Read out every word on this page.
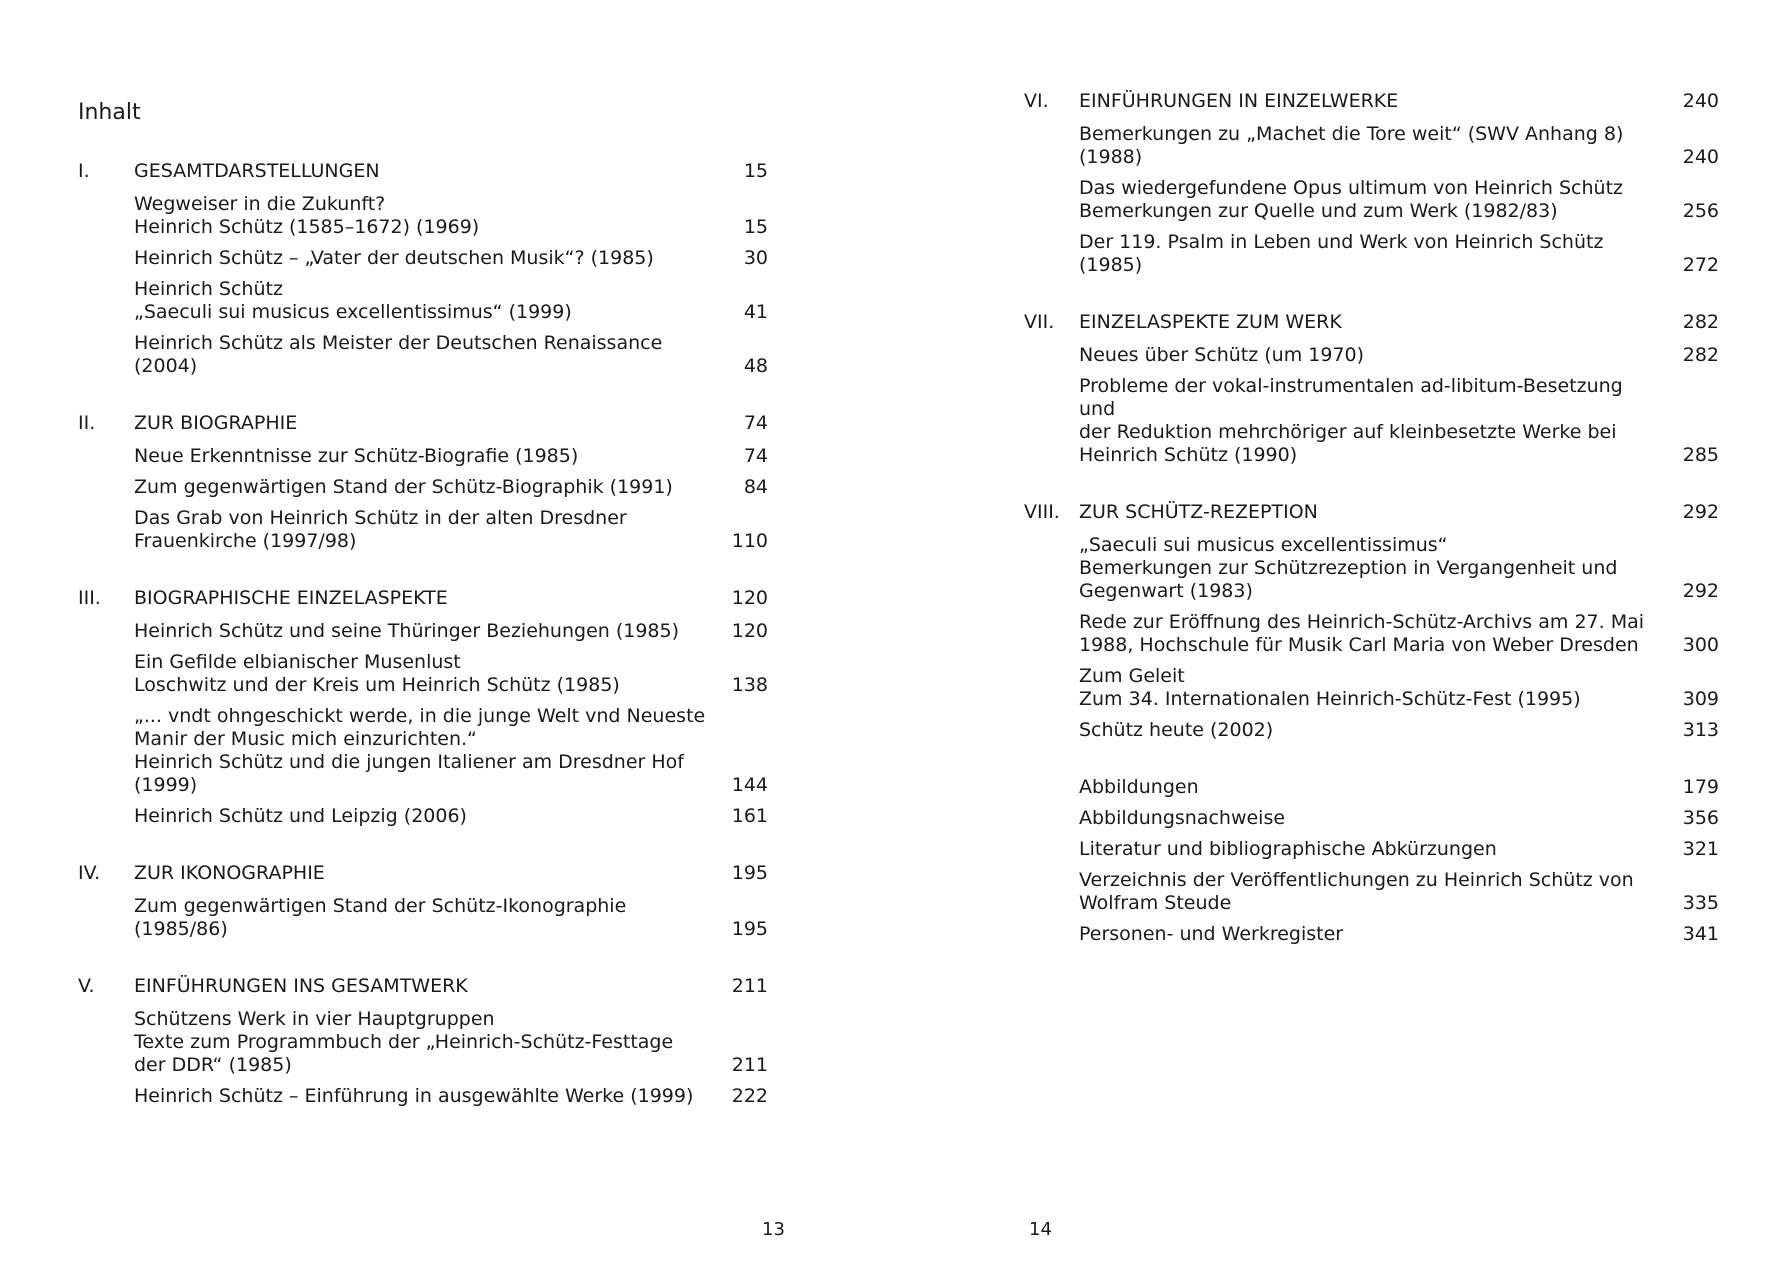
Inhalt
I.	GESAMTDARSTELLUNGEN	15
Wegweiser in die Zukunft?
Heinrich Schütz (1585–1672) (1969)	15
Heinrich Schütz – „Vater der deutschen Musik“? (1985)	30
Heinrich Schütz
„Saeculi sui musicus excellentissimus“ (1999)	41
Heinrich Schütz als Meister der Deutschen Renaissance
(2004)	48
II.	ZUR BIOGRAPHIE	74
Neue Erkenntnisse zur Schütz-Biografie (1985)	74
Zum gegenwärtigen Stand der Schütz-Biographik (1991)	84
Das Grab von Heinrich Schütz in der alten Dresdner
Frauenkirche (1997/98)	110
III.	BIOGRAPHISCHE EINZELASPEKTE	120
Heinrich Schütz und seine Thüringer Beziehungen (1985)	120
Ein Gefilde elbianischer Musenlust
Loschwitz und der Kreis um Heinrich Schütz (1985)	138
„... vndt ohngeschickt werde, in die junge Welt vnd Neueste
Manir der Music mich einzurichten.“
Heinrich Schütz und die jungen Italiener am Dresdner Hof
(1999)	144
Heinrich Schütz und Leipzig (2006)	161
IV.	ZUR IKONOGRAPHIE	195
Zum gegenwärtigen Stand der Schütz-Ikonographie (1985/86)	195
V.	EINFÜHRUNGEN INS GESAMTWERK	211
Schützens Werk in vier Hauptgruppen
Texte zum Programmbuch der „Heinrich-Schütz-Festtage
der DDR“ (1985)	211
Heinrich Schütz – Einführung in ausgewählte Werke (1999)	222
13
VI.	EINFÜHRUNGEN IN EINZELWERKE	240
Bemerkungen zu „Machet die Tore weit“ (SWV Anhang 8)
(1988)	240
Das wiedergefundene Opus ultimum von Heinrich Schütz
Bemerkungen zur Quelle und zum Werk (1982/83)	256
Der 119. Psalm in Leben und Werk von Heinrich Schütz (1985)	272
VII.	EINZELASPEKTE ZUM WERK	282
Neues über Schütz (um 1970)	282
Probleme der vokal-instrumentalen ad-libitum-Besetzung und
der Reduktion mehrchöriger auf kleinbesetzte Werke bei
Heinrich Schütz (1990)	285
VIII.	ZUR SCHÜTZ-REZEPTION	292
„Saeculi sui musicus excellentissimus“
Bemerkungen zur Schützrezeption in Vergangenheit und
Gegenwart (1983)	292
Rede zur Eröffnung des Heinrich-Schütz-Archivs am 27. Mai
1988, Hochschule für Musik Carl Maria von Weber Dresden	300
Zum Geleit
Zum 34. Internationalen Heinrich-Schütz-Fest (1995)	309
Schütz heute (2002)	313
Abbildungen	179
Abbildungsnachweise	356
Literatur und bibliographische Abkürzungen	321
Verzeichnis der Veröffentlichungen zu Heinrich Schütz von
Wolfram Steude	335
Personen- und Werkregister	341
14
